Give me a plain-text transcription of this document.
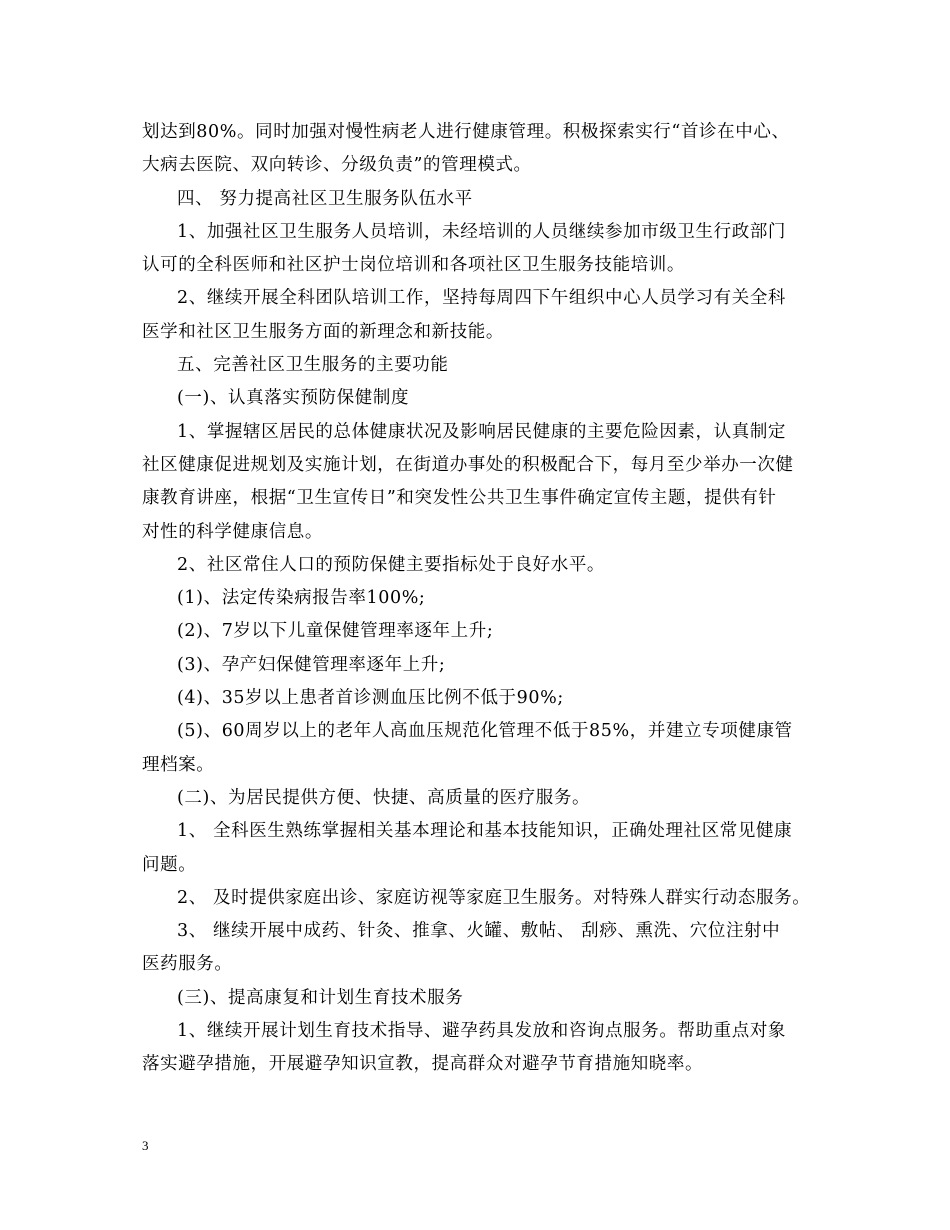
划达到80%。同时加强对慢性病老人进行健康管理。积极探索实行“首诊在中心、
大病去医院、双向转诊、分级负责”的管理模式。
四、 努力提高社区卫生服务队伍水平
1、加强社区卫生服务人员培训，未经培训的人员继续参加市级卫生行政部门
认可的全科医师和社区护士岗位培训和各项社区卫生服务技能培训。
2、继续开展全科团队培训工作，坚持每周四下午组织中心人员学习有关全科
医学和社区卫生服务方面的新理念和新技能。
五、完善社区卫生服务的主要功能
(一)、认真落实预防保健制度
1、掌握辖区居民的总体健康状况及影响居民健康的主要危险因素，认真制定
社区健康促进规划及实施计划，在街道办事处的积极配合下，每月至少举办一次健
康教育讲座，根据“卫生宣传日”和突发性公共卫生事件确定宣传主题，提供有针
对性的科学健康信息。
2、社区常住人口的预防保健主要指标处于良好水平。
(1)、法定传染病报告率100%;
(2)、7岁以下儿童保健管理率逐年上升;
(3)、孕产妇保健管理率逐年上升;
(4)、35岁以上患者首诊测血压比例不低于90%;
(5)、60周岁以上的老年人高血压规范化管理不低于85%，并建立专项健康管
理档案。
(二)、为居民提供方便、快捷、高质量的医疗服务。
1、 全科医生熟练掌握相关基本理论和基本技能知识，正确处理社区常见健康
问题。
2、 及时提供家庭出诊、家庭访视等家庭卫生服务。对特殊人群实行动态服务。
3、 继续开展中成药、针灸、推拿、火罐、敷帖、 刮痧、熏洗、穴位注射中
医药服务。
(三)、提高康复和计划生育技术服务
1、继续开展计划生育技术指导、避孕药具发放和咨询点服务。帮助重点对象
落实避孕措施，开展避孕知识宣教，提高群众对避孕节育措施知晓率。
3
